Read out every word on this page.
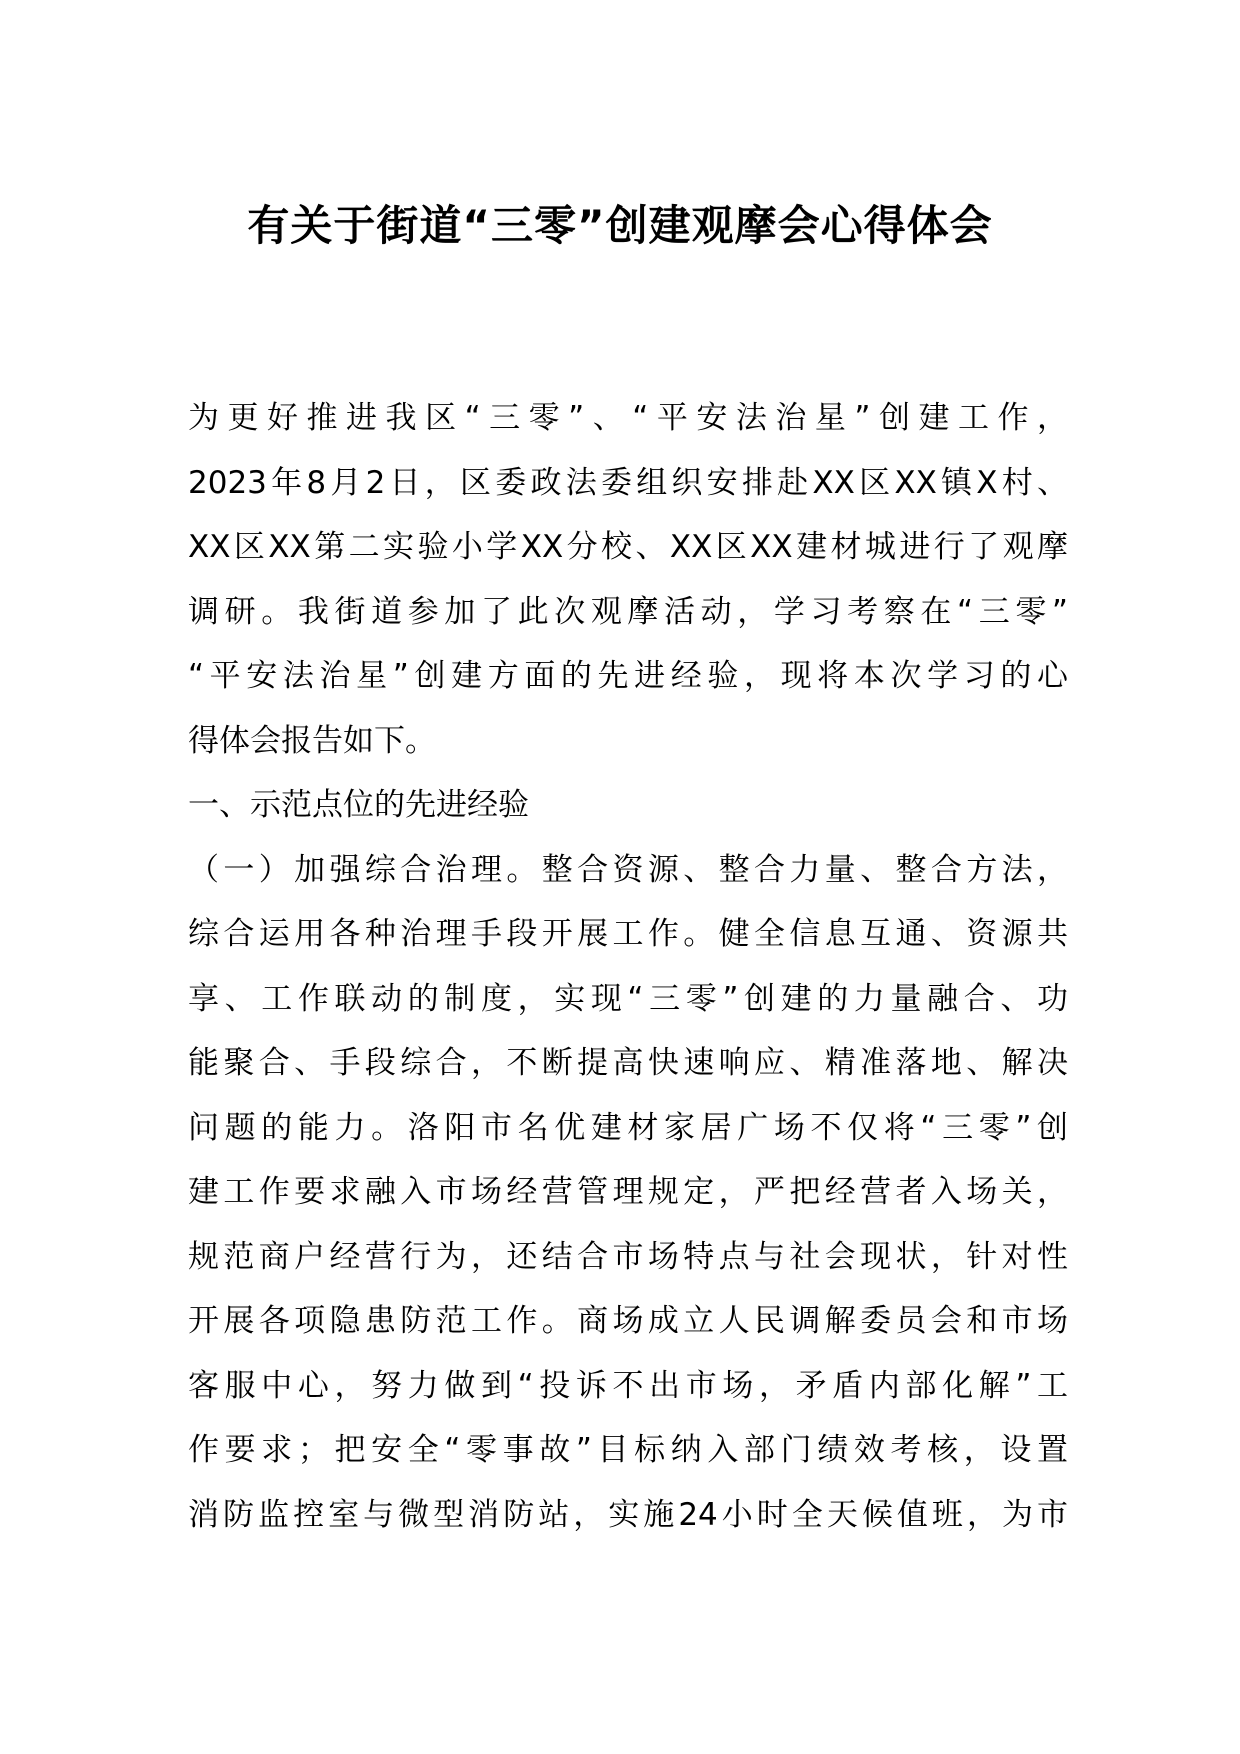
有关于街道“三零”创建观摩会心得体会
为更好推进我区“三零”、“平安法治星”创建工作，
2023年8月2日，区委政法委组织安排赴XX区XX镇X村、
XX区XX第二实验小学XX分校、XX区XX建材城进行了观摩
调研。我街道参加了此次观摩活动，学习考察在“三零”
“平安法治星”创建方面的先进经验，现将本次学习的心
得体会报告如下。
一、示范点位的先进经验
（一）加强综合治理。整合资源、整合力量、整合方法，
综合运用各种治理手段开展工作。健全信息互通、资源共
享、工作联动的制度，实现“三零”创建的力量融合、功
能聚合、手段综合，不断提高快速响应、精准落地、解决
问题的能力。洛阳市名优建材家居广场不仅将“三零”创
建工作要求融入市场经营管理规定，严把经营者入场关，
规范商户经营行为，还结合市场特点与社会现状，针对性
开展各项隐患防范工作。商场成立人民调解委员会和市场
客服中心，努力做到“投诉不出市场，矛盾内部化解”工
作要求；把安全“零事故”目标纳入部门绩效考核，设置
消防监控室与微型消防站，实施24小时全天候值班，为市
